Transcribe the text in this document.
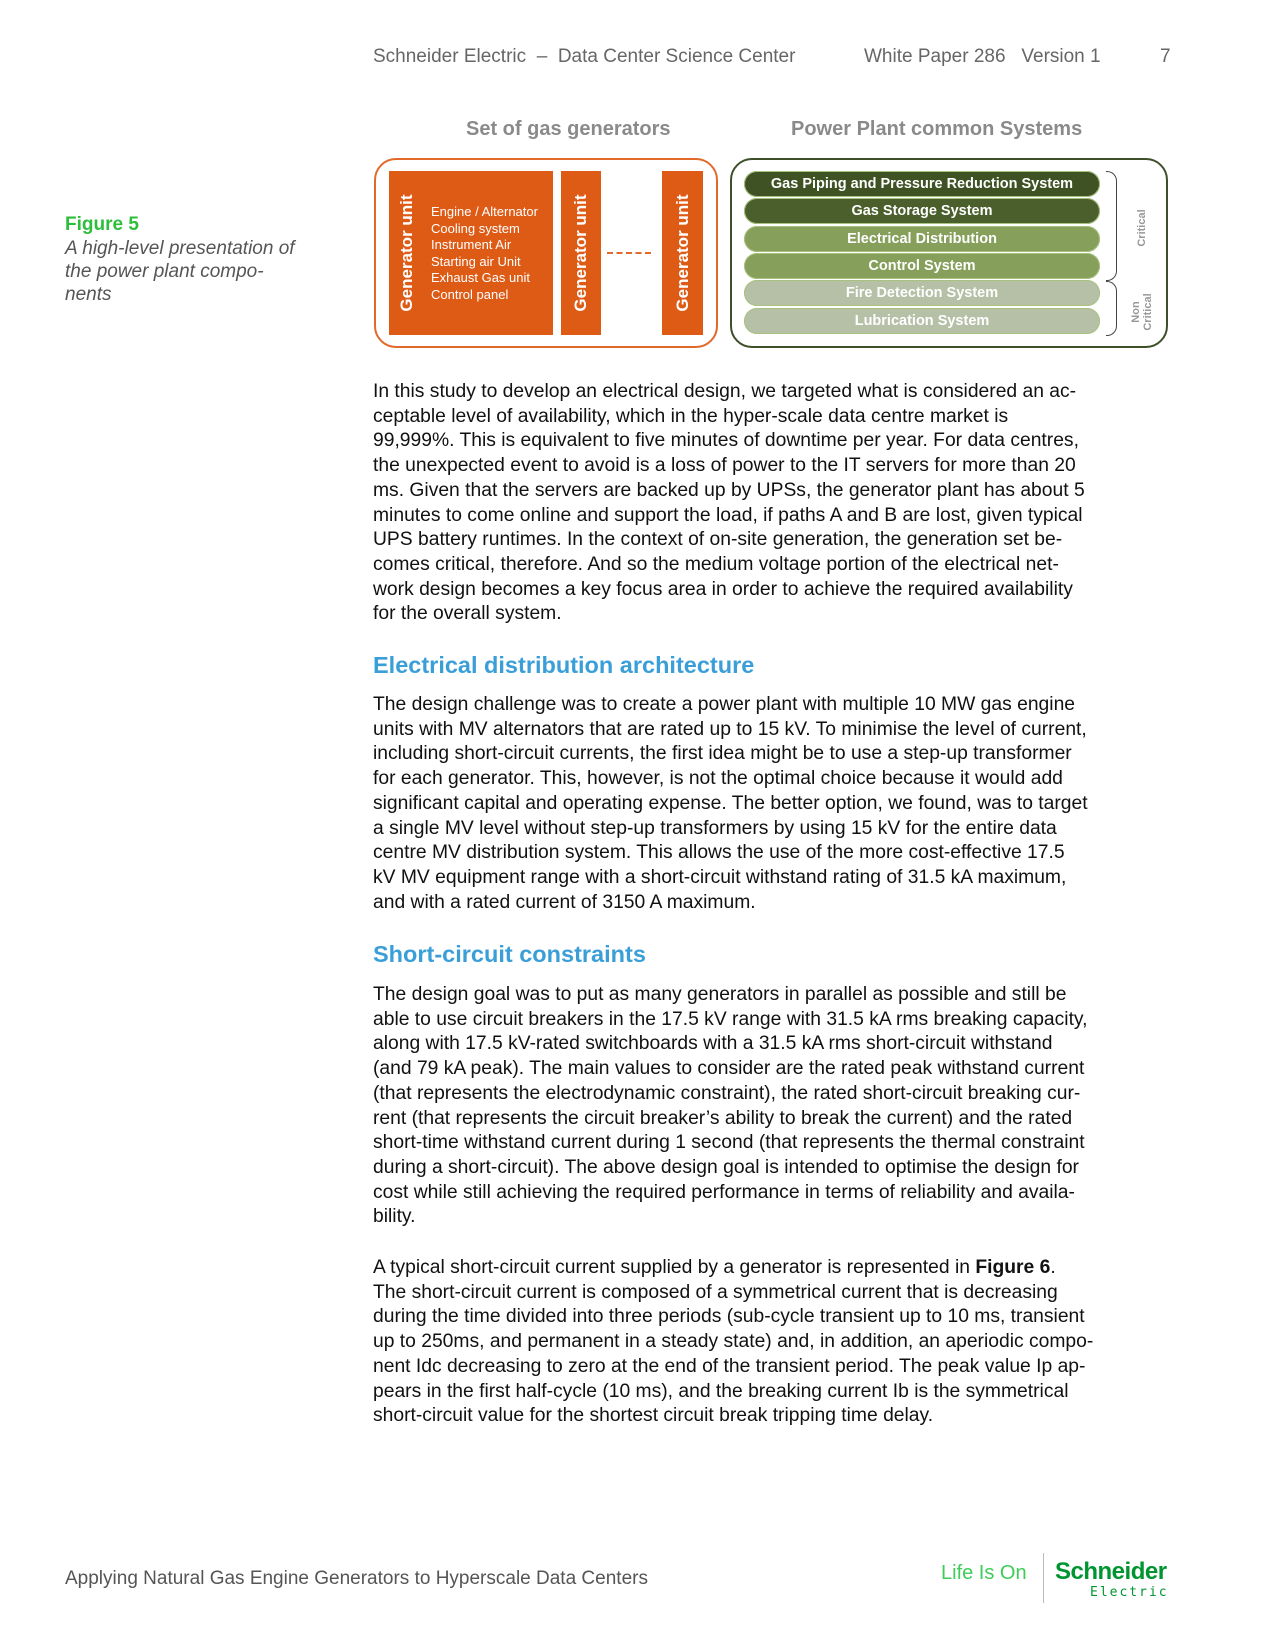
Schneider Electric – Data Center Science Center	White Paper 286 Version 1	7
Figure 5
A high-level presentation of
the power plant compo-
nents
Set of gas generators	Power Plant common Systems
Generator unit Engine / Alternator
Cooling system
Instrument Air
Starting air Unit
Exhaust Gas unit
Control panel	Generator unit	Generator unit
Gas Piping and Pressure Reduction System
Gas Storage System
Electrical Distribution
Control System
Fire Detection System
Lubrication System
Critical
Non Critical
In this study to develop an electrical design, we targeted what is considered an ac-
ceptable level of availability, which in the hyper-scale data centre market is
99,999%. This is equivalent to five minutes of downtime per year. For data centres,
the unexpected event to avoid is a loss of power to the IT servers for more than 20
ms. Given that the servers are backed up by UPSs, the generator plant has about 5
minutes to come online and support the load, if paths A and B are lost, given typical
UPS battery runtimes. In the context of on-site generation, the generation set be-
comes critical, therefore. And so the medium voltage portion of the electrical net-
work design becomes a key focus area in order to achieve the required availability
for the overall system.
Electrical distribution architecture
The design challenge was to create a power plant with multiple 10 MW gas engine
units with MV alternators that are rated up to 15 kV. To minimise the level of current,
including short-circuit currents, the first idea might be to use a step-up transformer
for each generator. This, however, is not the optimal choice because it would add
significant capital and operating expense. The better option, we found, was to target
a single MV level without step-up transformers by using 15 kV for the entire data
centre MV distribution system. This allows the use of the more cost-effective 17.5
kV MV equipment range with a short-circuit withstand rating of 31.5 kA maximum,
and with a rated current of 3150 A maximum.
Short-circuit constraints
The design goal was to put as many generators in parallel as possible and still be
able to use circuit breakers in the 17.5 kV range with 31.5 kA rms breaking capacity,
along with 17.5 kV-rated switchboards with a 31.5 kA rms short-circuit withstand
(and 79 kA peak). The main values to consider are the rated peak withstand current
(that represents the electrodynamic constraint), the rated short-circuit breaking cur-
rent (that represents the circuit breaker’s ability to break the current) and the rated
short-time withstand current during 1 second (that represents the thermal constraint
during a short-circuit). The above design goal is intended to optimise the design for
cost while still achieving the required performance in terms of reliability and availa-
bility.
A typical short-circuit current supplied by a generator is represented in Figure 6.
The short-circuit current is composed of a symmetrical current that is decreasing
during the time divided into three periods (sub-cycle transient up to 10 ms, transient
up to 250ms, and permanent in a steady state) and, in addition, an aperiodic compo-
nent Idc decreasing to zero at the end of the transient period. The peak value Ip ap-
pears in the first half-cycle (10 ms), and the breaking current Ib is the symmetrical
short-circuit value for the shortest circuit break tripping time delay.
Applying Natural Gas Engine Generators to Hyperscale Data Centers	Life Is On Schneider
Electric
